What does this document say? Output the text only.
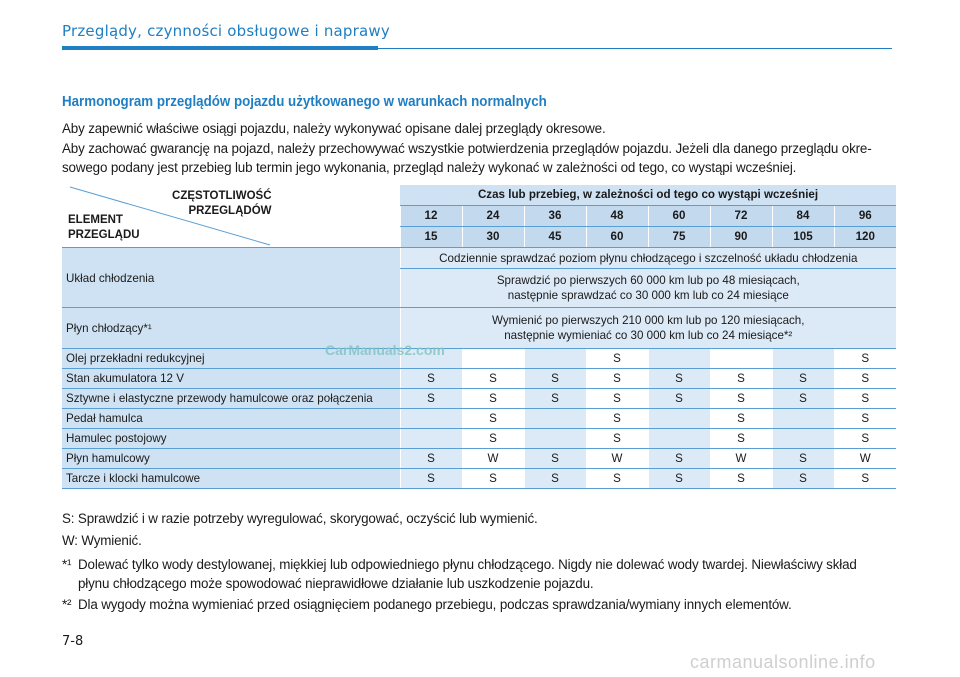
Przeglądy, czynności obsługowe i naprawy
Harmonogram przeglądów pojazdu użytkowanego w warunkach normalnych
Aby zapewnić właściwe osiągi pojazdu, należy wykonywać opisane dalej przeglądy okresowe.
Aby zachować gwarancję na pojazd, należy przechowywać wszystkie potwierdzenia przeglądów pojazdu. Jeżeli dla danego przeglądu okre-sowego podany jest przebieg lub termin jego wykonania, przegląd należy wykonać w zależności od tego, co wystąpi wcześniej.
CZĘSTOTLIWOŚĆ
PRZEGLĄDÓW
ELEMENT
PRZEGLĄDU	Czas lub przebieg, w zależności od tego co wystąpi wcześniej							
	12	24	36	48	60	72	84	96
	15	30	45	60	75	90	105	120
Układ chłodzenia	Codziennie sprawdzać poziom płynu chłodzącego i szczelność układu chłodzenia							

	Sprawdzić po pierwszych 60 000 km lub po 48 miesiącach,
następnie sprawdzać co 30 000 km lub co 24 miesiące							

Płyn chłodzący*¹	Wymienić po pierwszych 210 000 km lub po 120 miesiącach,
następnie wymieniać co 30 000 km lub co 24 miesiące*²							

Olej przekładni redukcyjnej				S				S
Stan akumulatora 12 V	S	S	S	S	S	S	S	S
Sztywne i elastyczne przewody hamulcowe oraz połączenia	S	S	S	S	S	S	S	S
Pedał hamulca		S		S		S		S
Hamulec postojowy		S		S		S		S
Płyn hamulcowy	S	W	S	W	S	W	S	W
Tarcze i klocki hamulcowe	S	S	S	S	S	S	S	S
S: Sprawdzić i w razie potrzeby wyregulować, skorygować, oczyścić lub wymienić.
W: Wymienić.
*¹ Dolewać tylko wody destylowanej, miękkiej lub odpowiedniego płynu chłodzącego. Nigdy nie dolewać wody twardej. Niewłaściwy skład
płynu chłodzącego może spowodować nieprawidłowe działanie lub uszkodzenie pojazdu.
*² Dla wygody można wymieniać przed osiągnięciem podanego przebiegu, podczas sprawdzania/wymiany innych elementów.
7-8
CarManuals2.com
carmanualsonline.info
